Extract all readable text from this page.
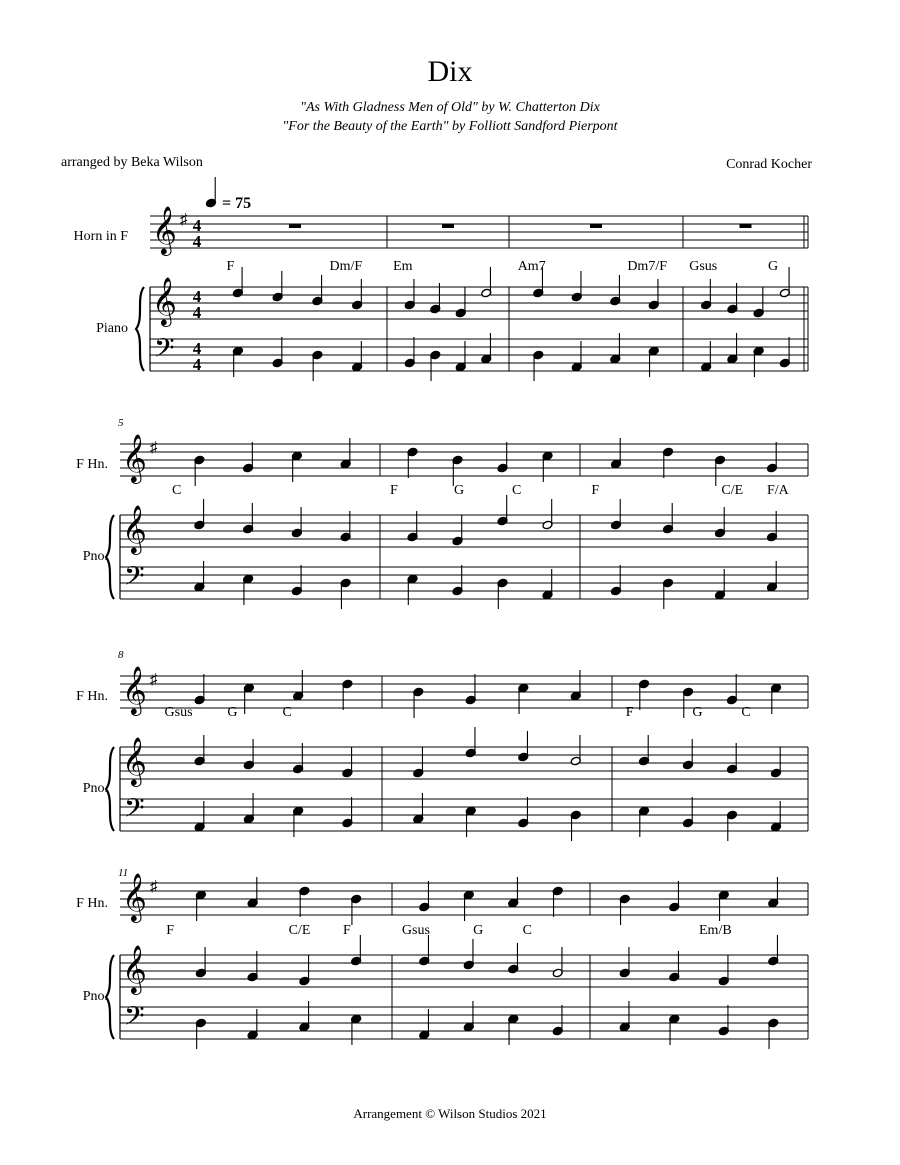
Dix
"As With Gladness Men of Old" by W. Chatterton Dix
"For the Beauty of the Earth" by Folliott Sandford Pierpont
arranged by Beka Wilson	Conrad Kocher
𝄞 ♯
𝄞
𝄢
F	Dm/F Em	Am7	Dm7/F Gsus	G
4
4
4
4
4
4
= 75
Horn in F
Piano
𝄞 ♯
𝄞
𝄢
5
C	F	G	C	F	C/E F/A
F Hn.
Pno.
𝄞 ♯
𝄞
𝄢
8
Gsus G	C	F	G	C
F Hn.
Pno.
𝄞 ♯
𝄞
𝄢
11
F	C/E F	Gsus	G	C	Em/B
F Hn.
Pno.
Arrangement © Wilson Studios 2021
